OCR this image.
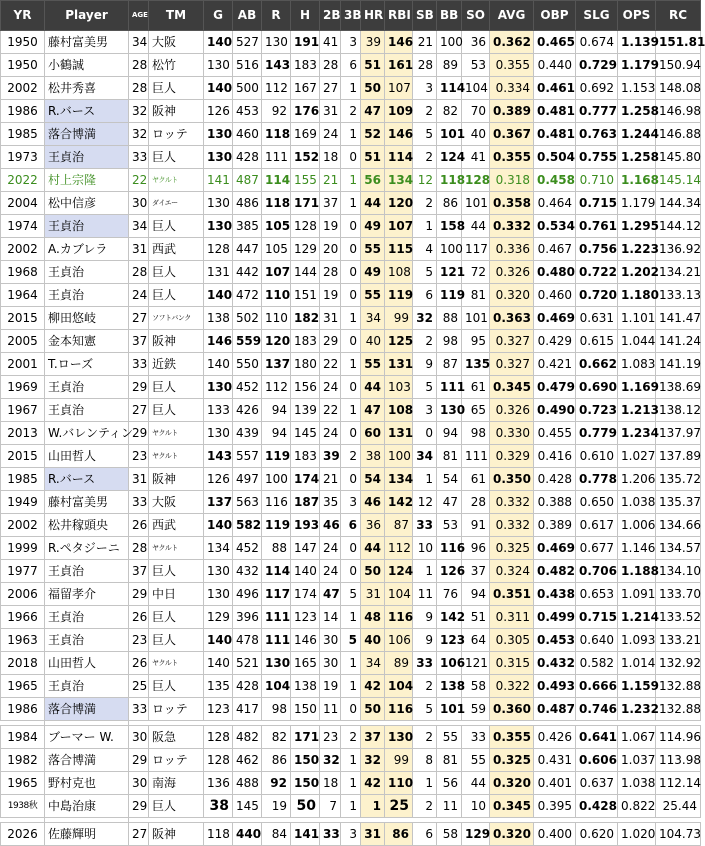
YR	Player	AGE	TM	G	AB	R	H	2B	3B	HR	RBI	SB	BB	SO	AVG	OBP	SLG	OPS	RC
1950	藤村富美男	34	大阪	140	527	130	191	41	3	39	146	21	100	36	0.362	0.465	0.674	1.139	151.81
1950	小鶴誠	28	松竹	130	516	143	183	28	6	51	161	28	89	53	0.355	0.440	0.729	1.179	150.94
2002	松井秀喜	28	巨人	140	500	112	167	27	1	50	107	3	114	104	0.334	0.461	0.692	1.153	148.08
1986	R.バース	32	阪神	126	453	92	176	31	2	47	109	2	82	70	0.389	0.481	0.777	1.258	146.98
1985	落合博満	32	ロッテ	130	460	118	169	24	1	52	146	5	101	40	0.367	0.481	0.763	1.244	146.88
1973	王貞治	33	巨人	130	428	111	152	18	0	51	114	2	124	41	0.355	0.504	0.755	1.258	145.80
2022	村上宗隆	22	ヤクルト	141	487	114	155	21	1	56	134	12	118	128	0.318	0.458	0.710	1.168	145.14
2004	松中信彦	30	ダイエー	130	486	118	171	37	1	44	120	2	86	101	0.358	0.464	0.715	1.179	144.34
1974	王貞治	34	巨人	130	385	105	128	19	0	49	107	1	158	44	0.332	0.534	0.761	1.295	144.12
2002	A.カブレラ	31	西武	128	447	105	129	20	0	55	115	4	100	117	0.336	0.467	0.756	1.223	136.92
1968	王貞治	28	巨人	131	442	107	144	28	0	49	108	5	121	72	0.326	0.480	0.722	1.202	134.21
1964	王貞治	24	巨人	140	472	110	151	19	0	55	119	6	119	81	0.320	0.460	0.720	1.180	133.13
2015	柳田悠岐	27	ソフトバンク	138	502	110	182	31	1	34	99	32	88	101	0.363	0.469	0.631	1.101	141.47
2005	金本知憲	37	阪神	146	559	120	183	29	0	40	125	2	98	95	0.327	0.429	0.615	1.044	141.24
2001	T.ローズ	33	近鉄	140	550	137	180	22	1	55	131	9	87	135	0.327	0.421	0.662	1.083	141.19
1969	王貞治	29	巨人	130	452	112	156	24	0	44	103	5	111	61	0.345	0.479	0.690	1.169	138.69
1967	王貞治	27	巨人	133	426	94	139	22	1	47	108	3	130	65	0.326	0.490	0.723	1.213	138.12
2013	W.バレンティン	29	ヤクルト	130	439	94	145	24	0	60	131	0	94	98	0.330	0.455	0.779	1.234	137.97
2015	山田哲人	23	ヤクルト	143	557	119	183	39	2	38	100	34	81	111	0.329	0.416	0.610	1.027	137.89
1985	R.バース	31	阪神	126	497	100	174	21	0	54	134	1	54	61	0.350	0.428	0.778	1.206	135.72
1949	藤村富美男	33	大阪	137	563	116	187	35	3	46	142	12	47	28	0.332	0.388	0.650	1.038	135.37
2002	松井稼頭央	26	西武	140	582	119	193	46	6	36	87	33	53	91	0.332	0.389	0.617	1.006	134.66
1999	R.ペタジーニ	28	ヤクルト	134	452	88	147	24	0	44	112	10	116	96	0.325	0.469	0.677	1.146	134.57
1977	王貞治	37	巨人	130	432	114	140	24	0	50	124	1	126	37	0.324	0.482	0.706	1.188	134.10
2006	福留孝介	29	中日	130	496	117	174	47	5	31	104	11	76	94	0.351	0.438	0.653	1.091	133.70
1966	王貞治	26	巨人	129	396	111	123	14	1	48	116	9	142	51	0.311	0.499	0.715	1.214	133.52
1963	王貞治	23	巨人	140	478	111	146	30	5	40	106	9	123	64	0.305	0.453	0.640	1.093	133.21
2018	山田哲人	26	ヤクルト	140	521	130	165	30	1	34	89	33	106	121	0.315	0.432	0.582	1.014	132.92
1965	王貞治	25	巨人	135	428	104	138	19	1	42	104	2	138	58	0.322	0.493	0.666	1.159	132.88
1986	落合博満	33	ロッテ	123	417	98	150	11	0	50	116	5	101	59	0.360	0.487	0.746	1.232	132.88

1984	ブーマー W.	30	阪急	128	482	82	171	23	2	37	130	2	55	33	0.355	0.426	0.641	1.067	114.96
1982	落合博満	29	ロッテ	128	462	86	150	32	1	32	99	8	81	55	0.325	0.431	0.606	1.037	113.98
1965	野村克也	30	南海	136	488	92	150	18	1	42	110	1	56	44	0.320	0.401	0.637	1.038	112.14
1938秋	中島治康	29	巨人	38	145	19	50	7	1	1	25	2	11	10	0.345	0.395	0.428	0.822	25.44

2026	佐藤輝明	27	阪神	118	440	84	141	33	3	31	86	6	58	129	0.320	0.400	0.620	1.020	104.73
